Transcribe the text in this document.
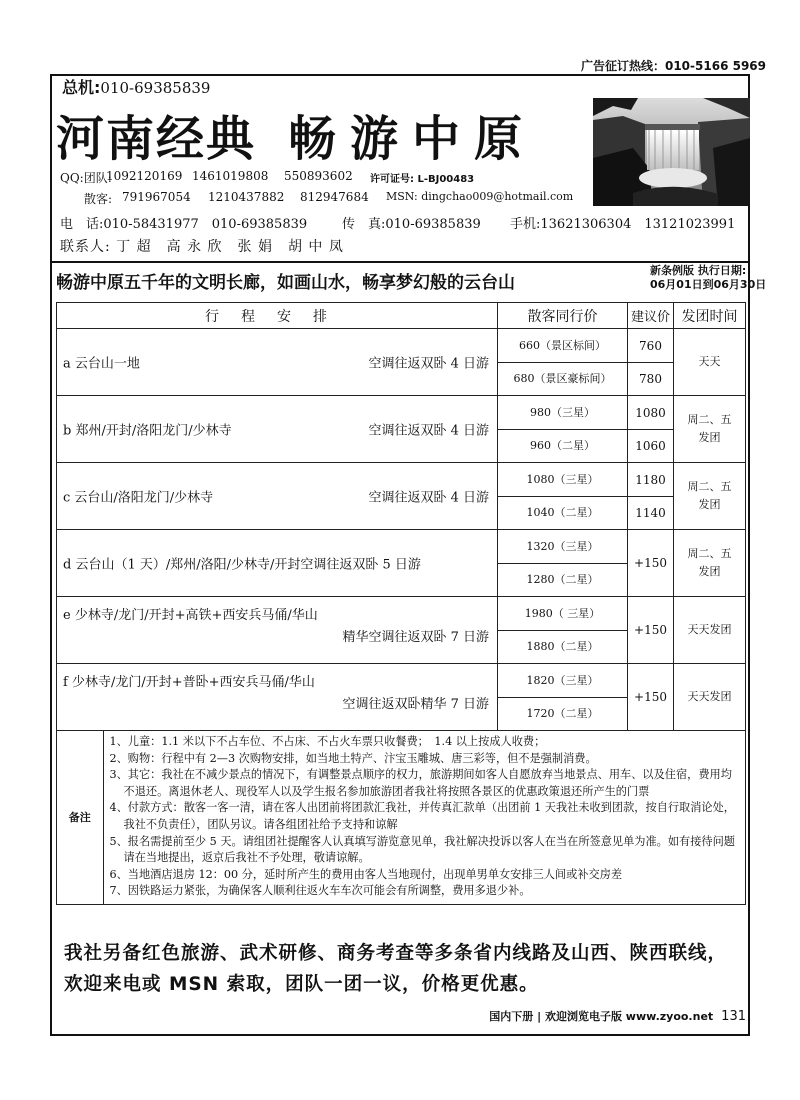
广告征订热线：010-5166 5969
总机:010-69385839
河南经典 畅游中原
QQ:团队:
1092120169 1461019808 550893602 许可证号: L-BJ00483
散客: 791967054 1210437882 812947684 MSN: dingchao009@hotmail.com
电　话:010-58431977　010-69385839	传　真:010-69385839 手机:13621306304　13121023991
联系人: 丁 超　高 永 欣　张 娟　胡 中 凤
畅游中原五千年的文明长廊，如画山水，畅享梦幻般的云台山
新条例版 执行日期:
06月01日到06月30日
行程安排	散客同行价	建议价	发团时间

a 云台山一地	空调往返双卧 4 日游
	660（景区标间）	760	天天
680（景区豪标间）	780

b 郑州/开封/洛阳龙门/少林寺	空调往返双卧 4 日游
	980（三星）	1080	周二、五
发团
960（二星）	1060

c 云台山/洛阳龙门/少林寺	空调往返双卧 4 日游
	1080（三星）	1180	周二、五
发团
1040（二星）	1140

d 云台山（1 天）/郑州/洛阳/少林寺/开封空调往返双卧 5 日游
	1320（三星）	+150	周二、五
发团
1280（二星）

e 少林寺/龙门/开封+高铁+西安兵马俑/华山
精华空调往返双卧 7 日游
	1980（ 三星）	+150	天天发团
1880（二星）

f 少林寺/龙门/开封+普卧+西安兵马俑/华山
空调往返双卧精华 7 日游
	1820（三星）	+150	天天发团
1720（二星）

备注	
1、儿童：1.1 米以下不占车位、不占床、不占火车票只收餐费；　1.4 以上按成人收费；
2、购物：行程中有 2—3 次购物安排，如当地土特产、汴宝玉雕城、唐三彩等，但不是强制消费。
3、其它：我社在不减少景点的情况下，有调整景点顺序的权力，旅游期间如客人自愿放弃当地景点、用车、以及住宿，费用均不退还。离退休老人、现役军人以及学生报名参加旅游团者我社将按照各景区的优惠政策退还所产生的门票
4、付款方式：散客一客一清，请在客人出团前将团款汇我社，并传真汇款单（出团前 1 天我社未收到团款，按自行取消论处，我社不负责任），团队另议。请各组团社给予支持和谅解
5、报名需提前至少 5 天。请组团社提醒客人认真填写游览意见单，我社解决投诉以客人在当在所签意见单为准。如有接待问题请在当地提出，返京后我社不予处理，敬请谅解。
6、当地酒店退房 12：00 分，延时所产生的费用由客人当地现付，出现单男单女安排三人间或补交房差
7、因铁路运力紧张，为确保客人顺利往返火车车次可能会有所调整，费用多退少补。
我社另备红色旅游、武术研修、商务考查等多条省内线路及山西、陕西联线，欢迎来电或 MSN 索取，团队一团一议，价格更优惠。
国内下册 | 欢迎浏览电子版 www.zyoo.net 131
